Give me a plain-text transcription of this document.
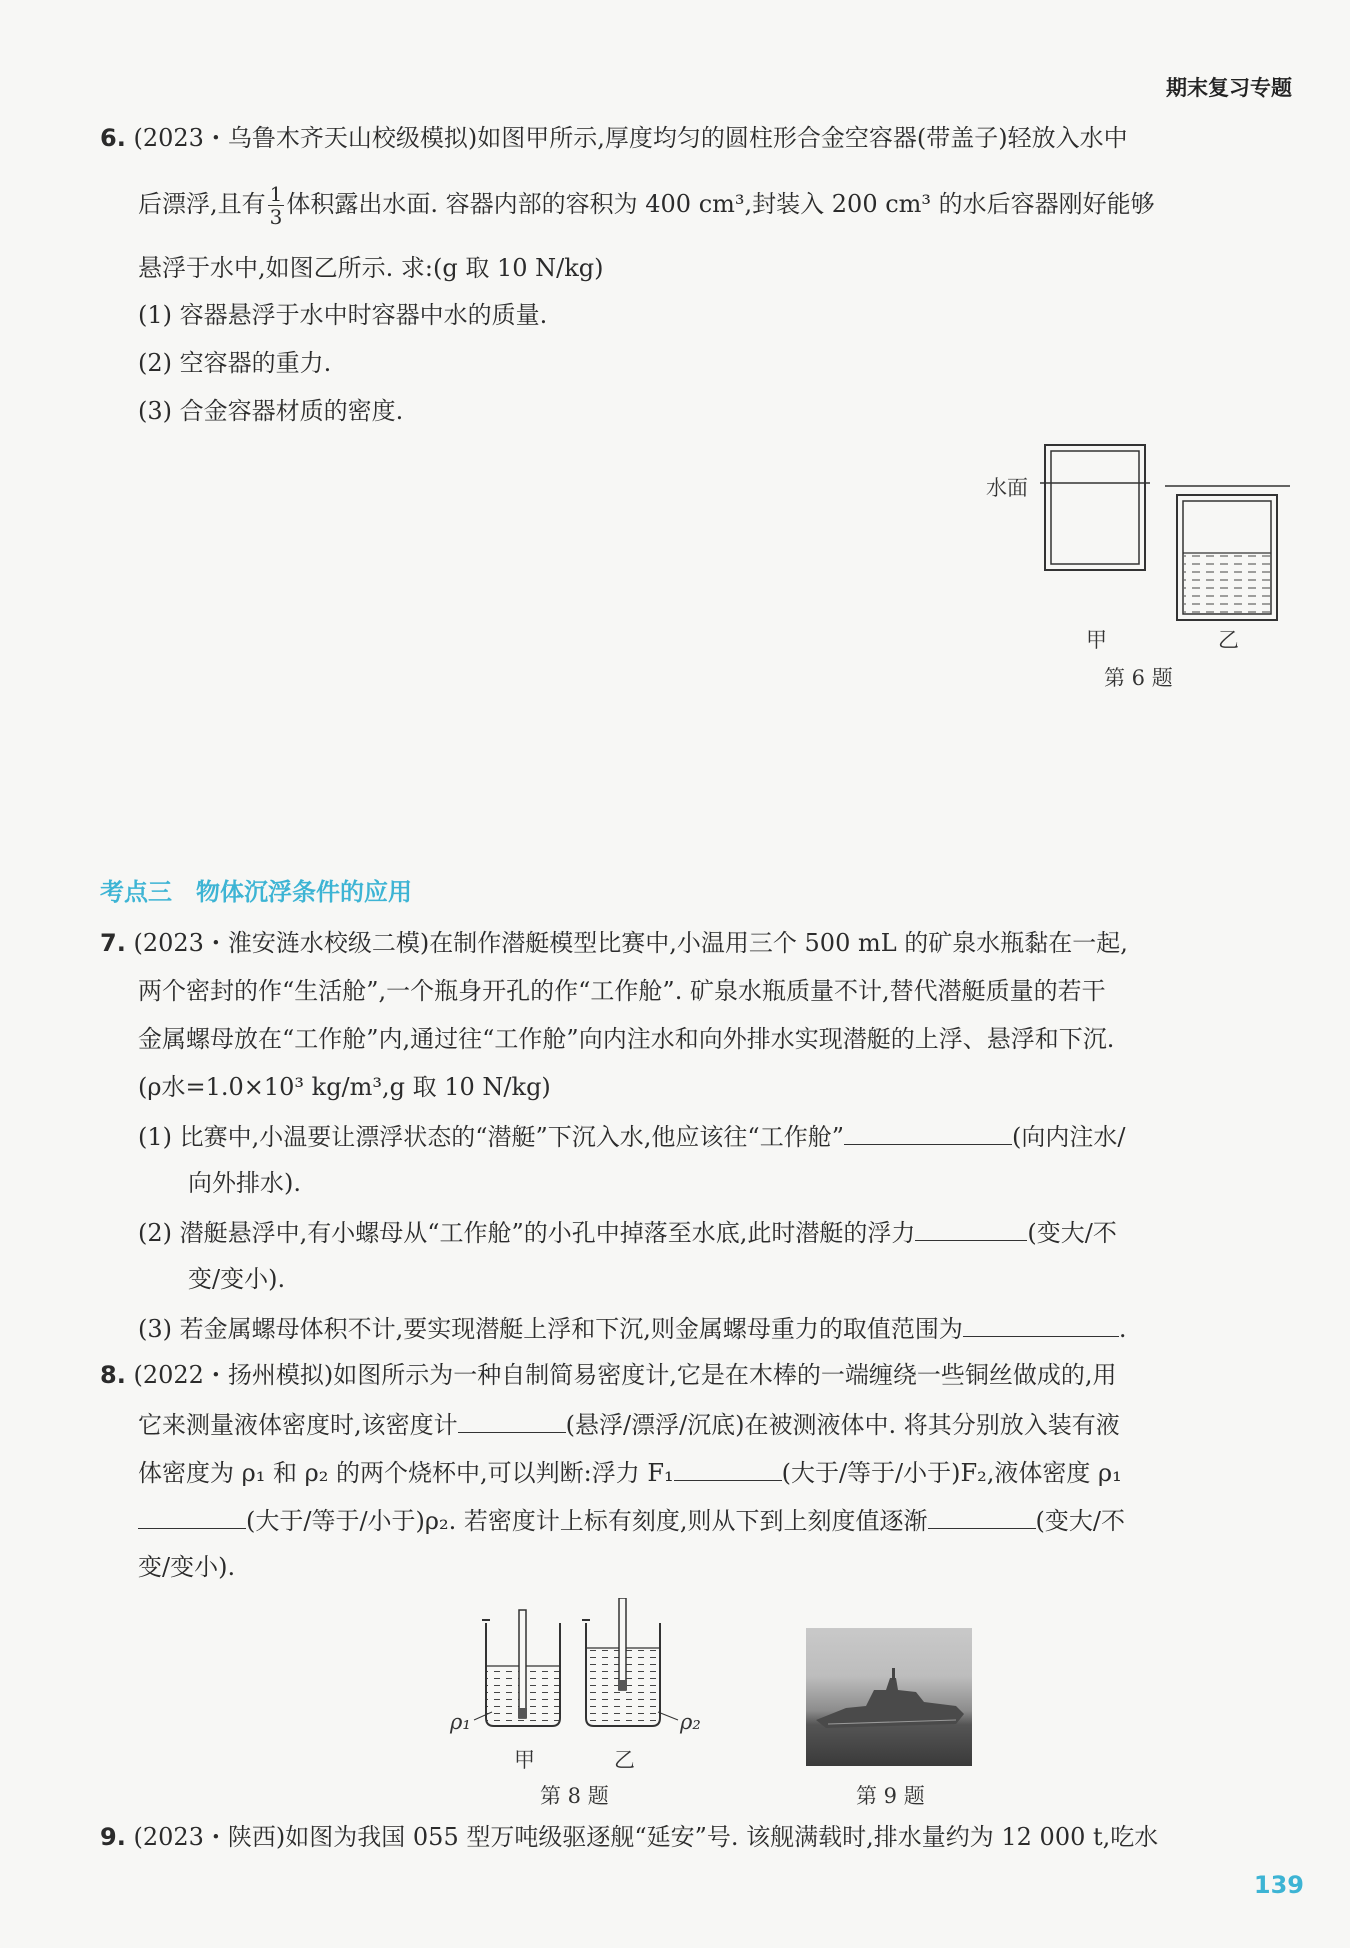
期末复习专题
6. (2023・乌鲁木齐天山校级模拟)如图甲所示,厚度均匀的圆柱形合金空容器(带盖子)轻放入水中
后漂浮,且有 $\frac{1}{3}$ 体积露出水面. 容器内部的容积为 400 cm³,封装入 200 cm³ 的水后容器刚好能够
悬浮于水中,如图乙所示. 求:(g 取 10 N/kg)
(1) 容器悬浮于水中时容器中水的质量.
(2) 空容器的重力.
(3) 合金容器材质的密度.
水面
甲	乙
第 6 题
考点三　物体沉浮条件的应用
7. (2023・淮安涟水校级二模)在制作潜艇模型比赛中,小温用三个 500 mL 的矿泉水瓶黏在一起,
两个密封的作“生活舱”,一个瓶身开孔的作“工作舱”. 矿泉水瓶质量不计,替代潜艇质量的若干
金属螺母放在“工作舱”内,通过往“工作舱”向内注水和向外排水实现潜艇的上浮、悬浮和下沉.
(ρ水=1.0×10³ kg/m³,g 取 10 N/kg)
(1) 比赛中,小温要让漂浮状态的“潜艇”下沉入水,他应该往“工作舱”	(向内注水/
向外排水).
(2) 潜艇悬浮中,有小螺母从“工作舱”的小孔中掉落至水底,此时潜艇的浮力	(变大/不
变/变小).
(3) 若金属螺母体积不计,要实现潜艇上浮和下沉,则金属螺母重力的取值范围为	.
8. (2022・扬州模拟)如图所示为一种自制简易密度计,它是在木棒的一端缠绕一些铜丝做成的,用
它来测量液体密度时,该密度计	(悬浮/漂浮/沉底)在被测液体中. 将其分别放入装有液
体密度为 ρ₁ 和 ρ₂ 的两个烧杯中,可以判断:浮力 F₁	(大于/等于/小于)F₂,液体密度 ρ₁
(大于/等于/小于)ρ₂. 若密度计上标有刻度,则从下到上刻度值逐渐	(变大/不
变/变小).
ρ₁	ρ₂
甲	乙
第 8 题	第 9 题
9. (2023・陕西)如图为我国 055 型万吨级驱逐舰“延安”号. 该舰满载时,排水量约为 12 000 t,吃水
139
